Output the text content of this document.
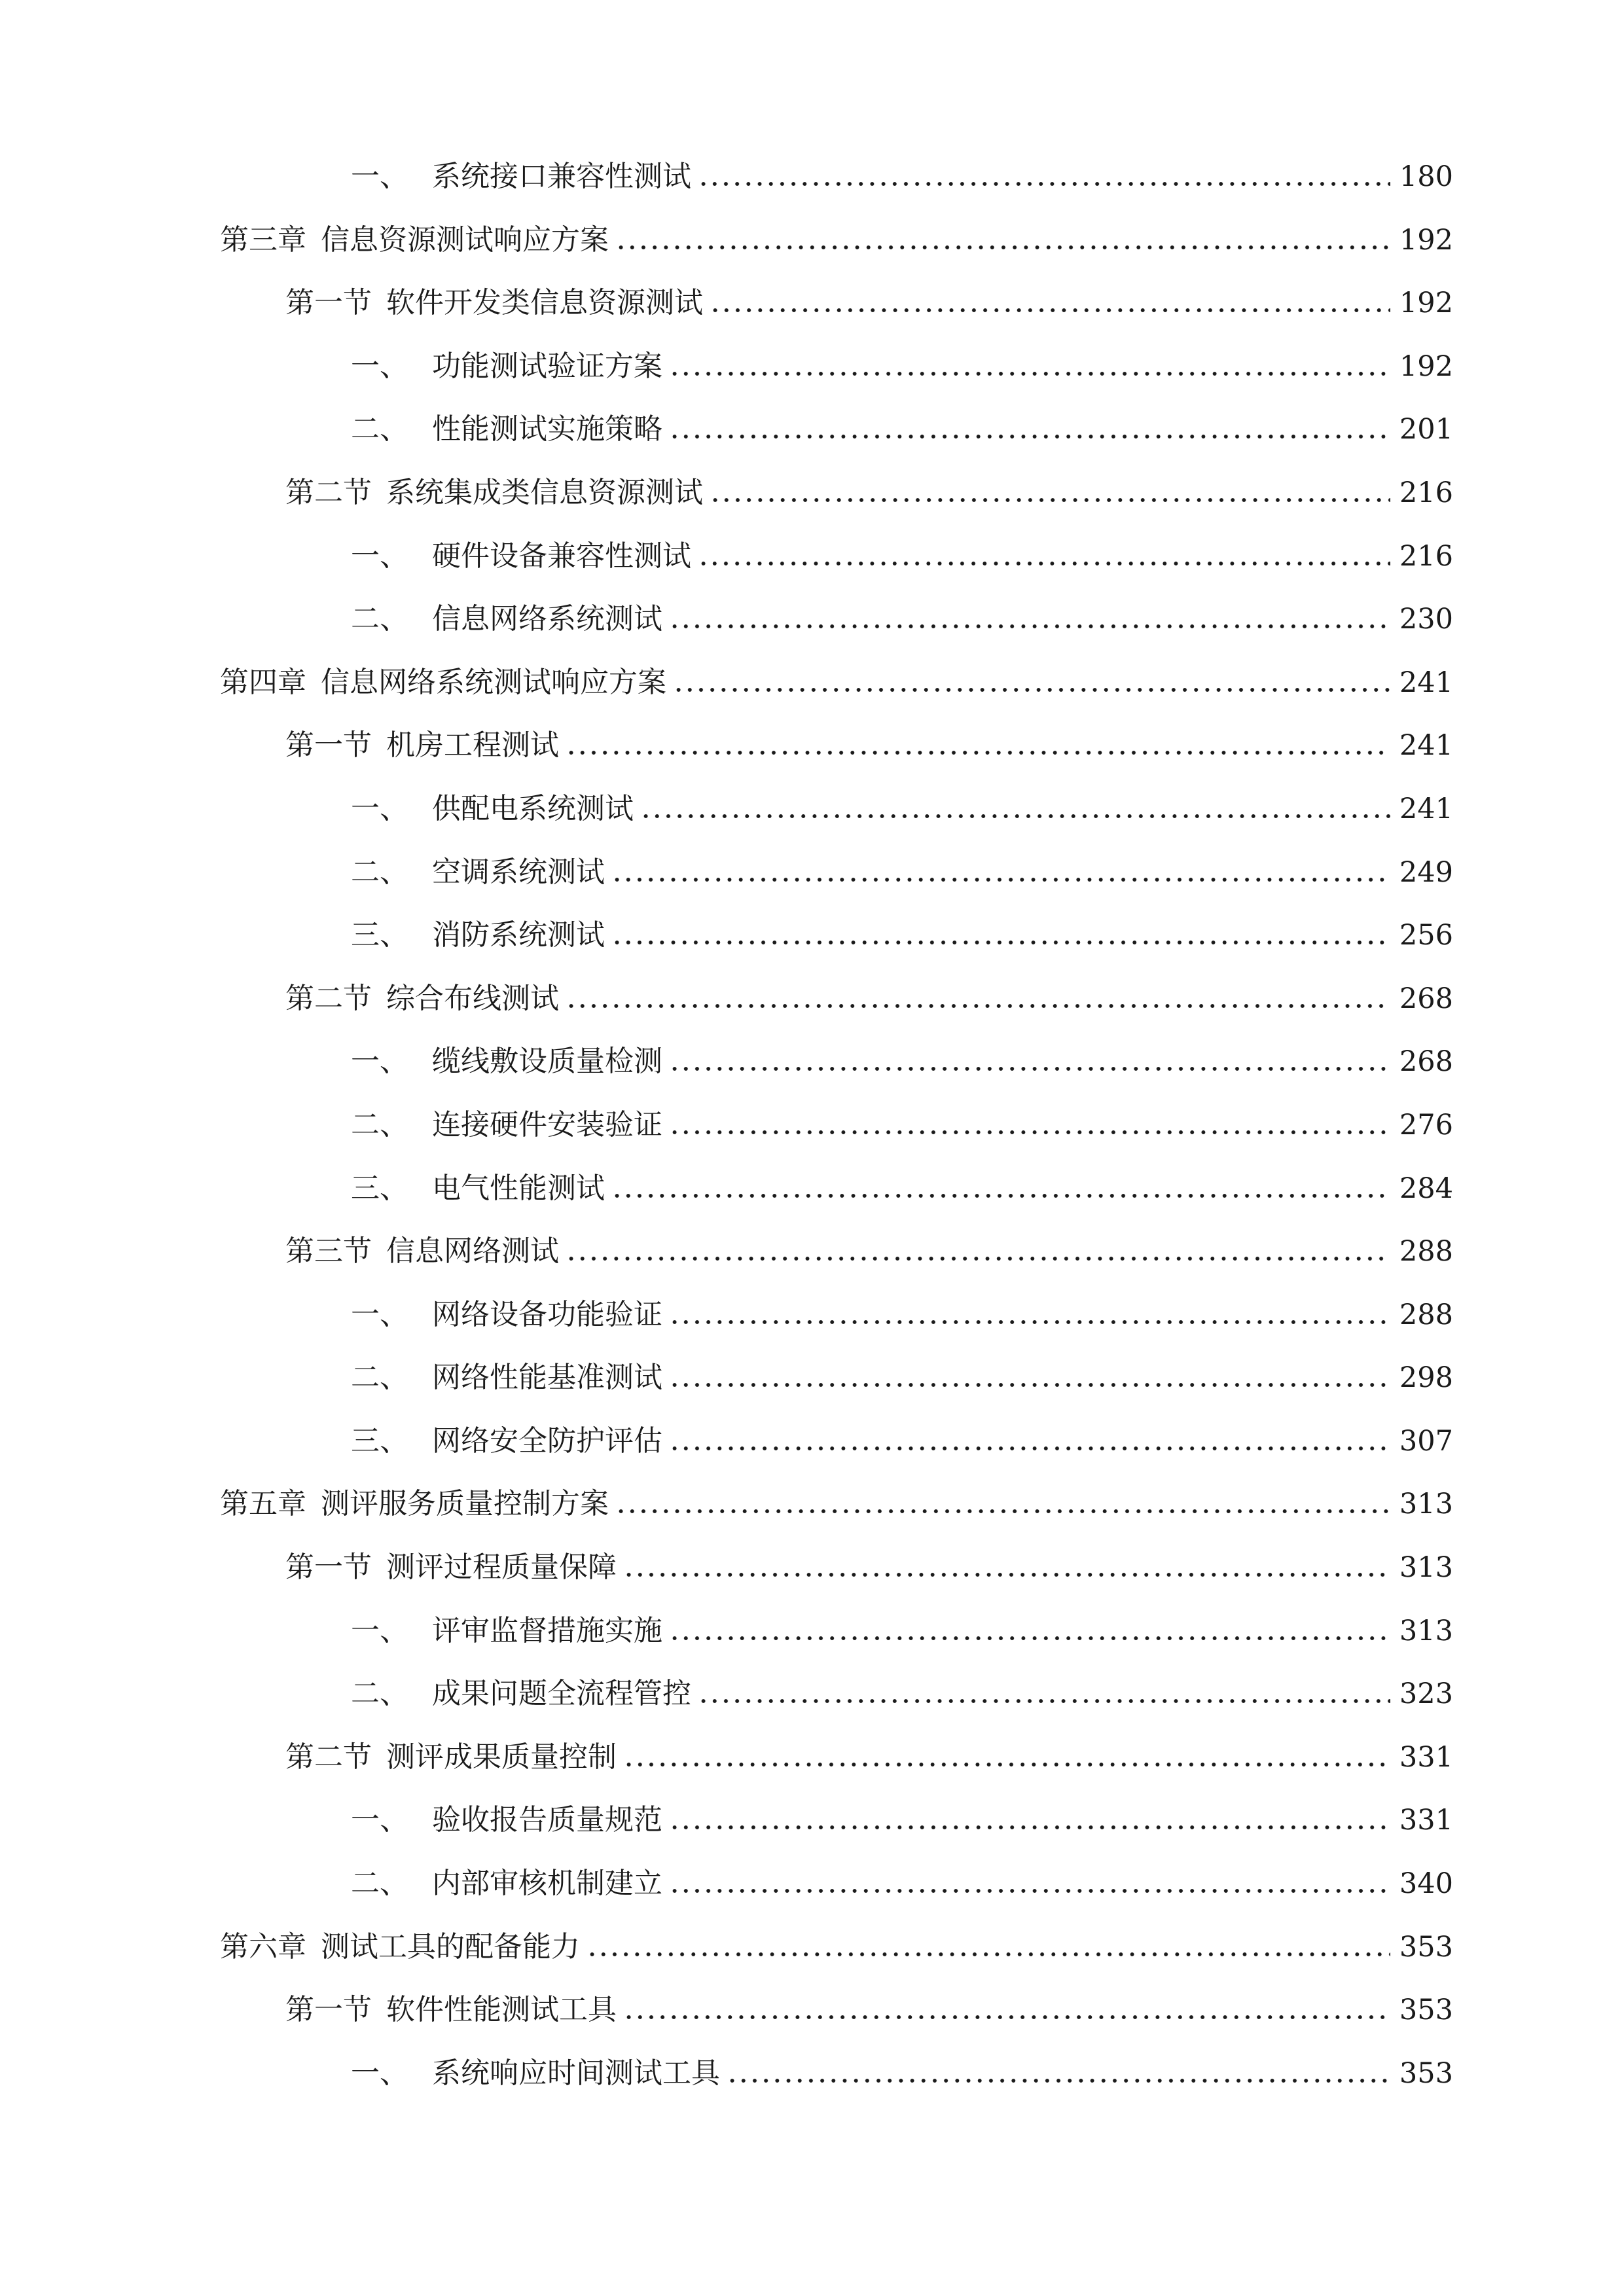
一、 系统接口兼容性测试	180
第三章 信息资源测试响应方案	192
第一节 软件开发类信息资源测试	192
一、 功能测试验证方案	192
二、 性能测试实施策略	201
第二节 系统集成类信息资源测试	216
一、 硬件设备兼容性测试	216
二、 信息网络系统测试	230
第四章 信息网络系统测试响应方案	241
第一节 机房工程测试	241
一、 供配电系统测试	241
二、 空调系统测试	249
三、 消防系统测试	256
第二节 综合布线测试	268
一、 缆线敷设质量检测	268
二、 连接硬件安装验证	276
三、 电气性能测试	284
第三节 信息网络测试	288
一、 网络设备功能验证	288
二、 网络性能基准测试	298
三、 网络安全防护评估	307
第五章 测评服务质量控制方案	313
第一节 测评过程质量保障	313
一、 评审监督措施实施	313
二、 成果问题全流程管控	323
第二节 测评成果质量控制	331
一、 验收报告质量规范	331
二、 内部审核机制建立	340
第六章 测试工具的配备能力	353
第一节 软件性能测试工具	353
一、 系统响应时间测试工具	353
